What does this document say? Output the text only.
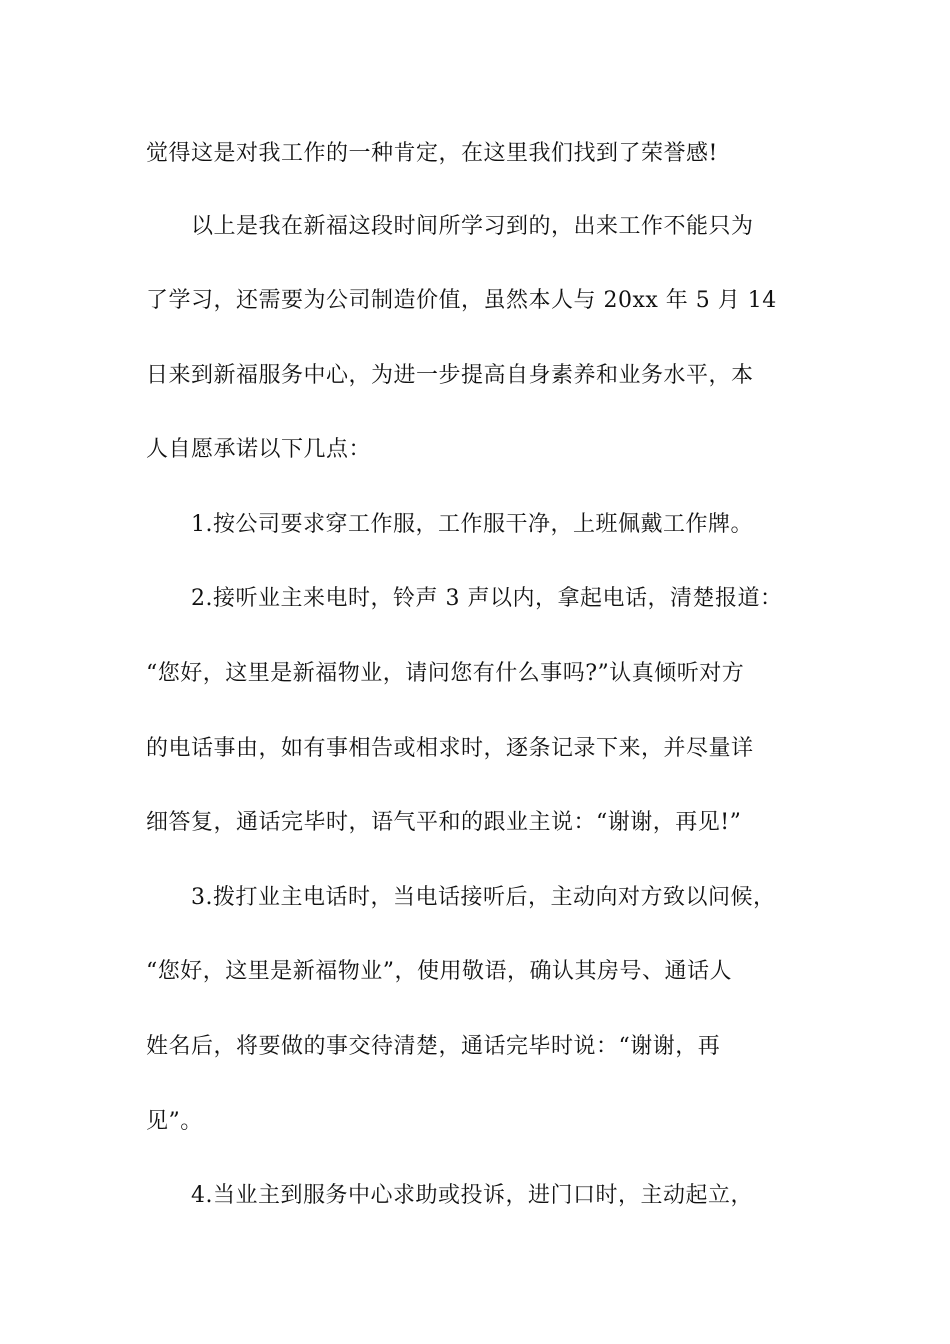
觉得这是对我工作的一种肯定，在这里我们找到了荣誉感!
以上是我在新福这段时间所学习到的，出来工作不能只为
了学习，还需要为公司制造价值，虽然本人与 20xx 年 5 月 14
日来到新福服务中心，为进一步提高自身素养和业务水平，本
人自愿承诺以下几点：
1.按公司要求穿工作服，工作服干净，上班佩戴工作牌。
2.接听业主来电时，铃声 3 声以内，拿起电话，清楚报道：
“您好，这里是新福物业，请问您有什么事吗?”认真倾听对方
的电话事由，如有事相告或相求时，逐条记录下来，并尽量详
细答复，通话完毕时，语气平和的跟业主说：“谢谢，再见!”
3.拨打业主电话时，当电话接听后，主动向对方致以问候，
“您好，这里是新福物业”，使用敬语，确认其房号、通话人
姓名后，将要做的事交待清楚，通话完毕时说：“谢谢，再
见”。
4.当业主到服务中心求助或投诉，进门口时，主动起立，
